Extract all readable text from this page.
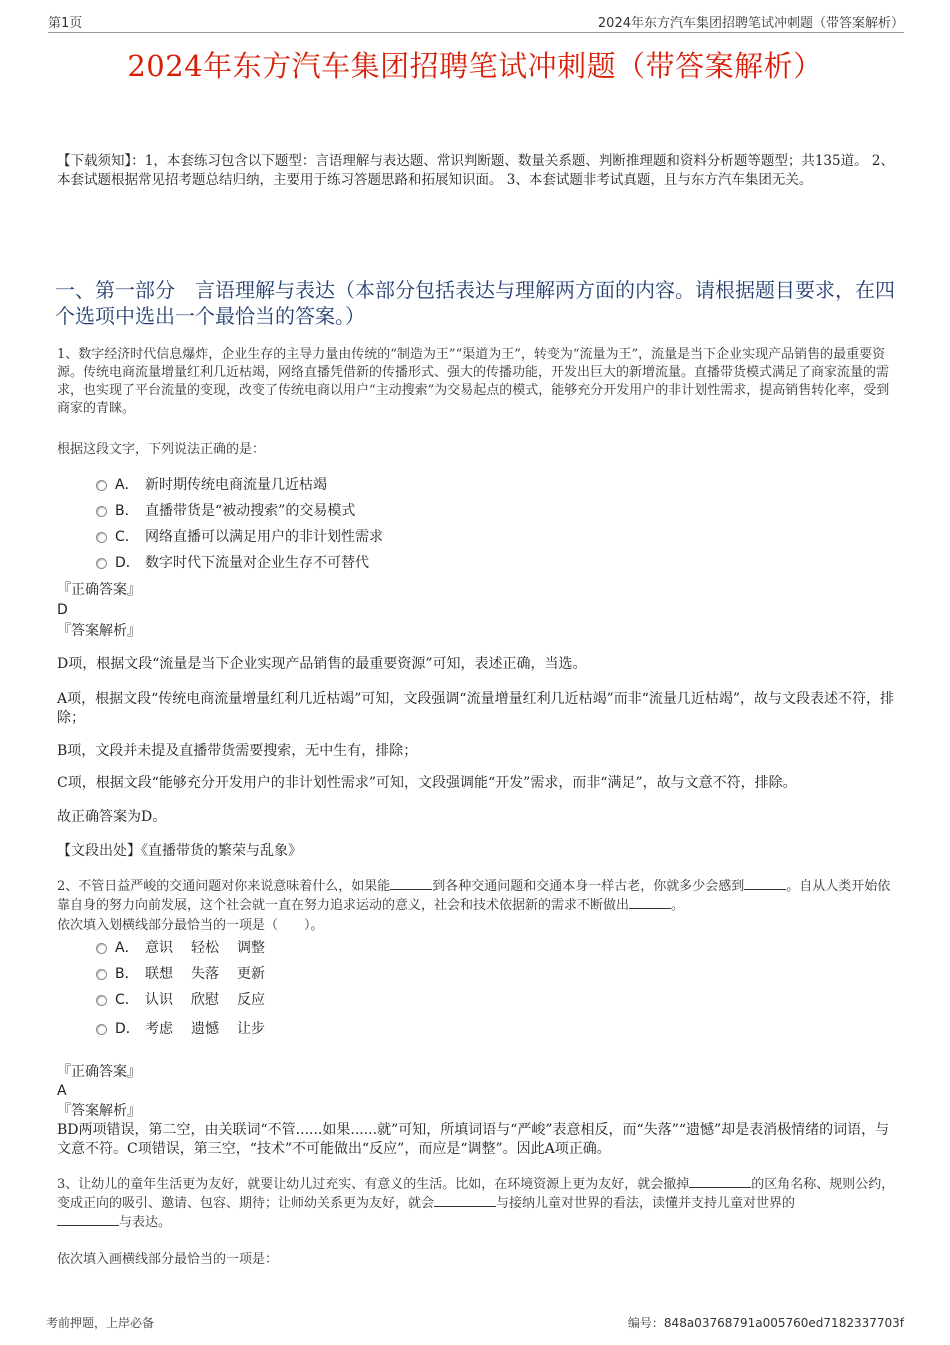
第1页	2024年东方汽车集团招聘笔试冲刺题（带答案解析）
2024年东方汽车集团招聘笔试冲刺题（带答案解析）
【下载须知】：1，本套练习包含以下题型：言语理解与表达题、常识判断题、数量关系题、判断推理题和资料分析题等题型；共135道。 2、本套试题根据常见招考题总结归纳，主要用于练习答题思路和拓展知识面。 3、本套试题非考试真题，且与东方汽车集团无关。
一、第一部分　言语理解与表达（本部分包括表达与理解两方面的内容。请根据题目要求，在四个选项中选出一个最恰当的答案。）
1、数字经济时代信息爆炸，企业生存的主导力量由传统的“制造为王”“渠道为王”，转变为“流量为王”，流量是当下企业实现产品销售的最重要资源。传统电商流量增量红利几近枯竭，网络直播凭借新的传播形式、强大的传播功能，开发出巨大的新增流量。直播带货模式满足了商家流量的需求，也实现了平台流量的变现，改变了传统电商以用户“主动搜索”为交易起点的模式，能够充分开发用户的非计划性需求，提高销售转化率，受到商家的青睐。
根据这段文字，下列说法正确的是：
A． 新时期传统电商流量几近枯竭
B． 直播带货是“被动搜索”的交易模式
C． 网络直播可以满足用户的非计划性需求
D． 数字时代下流量对企业生存不可替代
『正确答案』
D
『答案解析』
D项，根据文段“流量是当下企业实现产品销售的最重要资源”可知，表述正确，当选。
A项，根据文段“传统电商流量增量红利几近枯竭”可知，文段强调“流量增量红利几近枯竭”而非“流量几近枯竭”，故与文段表述不符，排除；
B项，文段并未提及直播带货需要搜索，无中生有，排除；
C项，根据文段“能够充分开发用户的非计划性需求”可知，文段强调能“开发”需求，而非“满足”，故与文意不符，排除。
故正确答案为D。
【文段出处】《直播带货的繁荣与乱象》
2、不管日益严峻的交通问题对你来说意味着什么，如果能	到各种交通问题和交通本身一样古老，你就多少会感到	。自从人类开始依靠自身的努力向前发展，这个社会就一直在努力追求运动的意义，社会和技术依据新的需求不断做出	。
依次填入划横线部分最恰当的一项是（　　）。
A． 意识 轻松 调整
B． 联想 失落 更新
C． 认识 欣慰 反应
D． 考虑 遗憾 让步
『正确答案』
A
『答案解析』
BD两项错误，第二空，由关联词“不管......如果......就”可知，所填词语与“严峻”表意相反，而“失落”“遗憾”却是表消极情绪的词语，与文意不符。C项错误，第三空，“技术”不可能做出“反应”，而应是“调整”。因此A项正确。
3、让幼儿的童年生活更为友好，就要让幼儿过充实、有意义的生活。比如，在环境资源上更为友好，就会撤掉	的区角名称、规则公约，变成正向的吸引、邀请、包容、期待；让师幼关系更为友好，就会	与接纳儿童对世界的看法，读懂并支持儿童对世界的
与表达。
依次填入画横线部分最恰当的一项是：
考前押题，上岸必备	编号：848a03768791a005760ed7182337703f
